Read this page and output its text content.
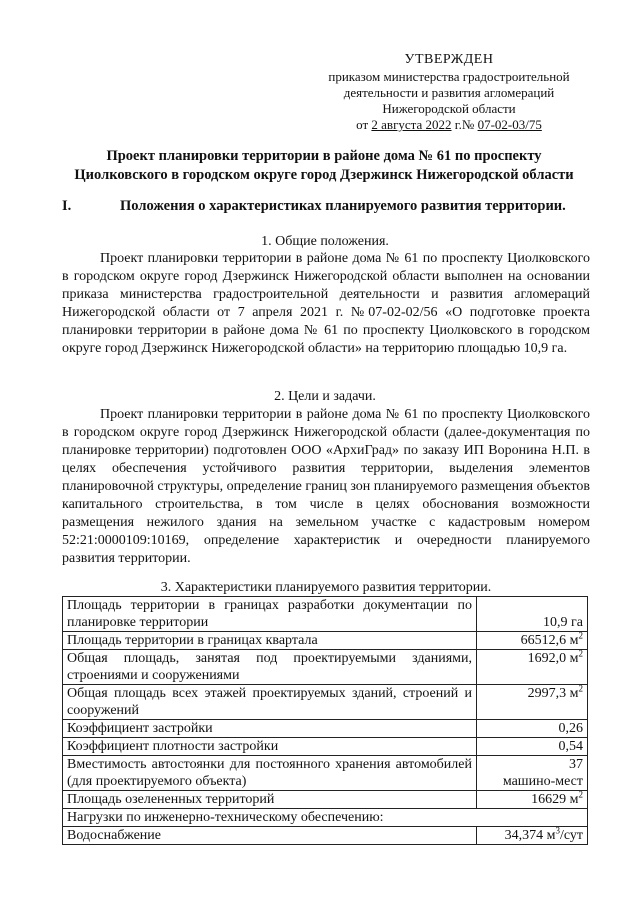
УТВЕРЖДЕН
приказом министерства градостроительной
деятельности и развития агломераций
Нижегородской области
от 2 августа 2022 г.№ 07-02-03/75
Проект планировки территории в районе дома № 61 по проспекту
Циолковского в городском округе город Дзержинск Нижегородской области
I.	Положения о характеристиках планируемого развития территории.
1. Общие положения.
Проект планировки территории в районе дома № 61 по проспекту Циолковского в городском округе город Дзержинск Нижегородской области выполнен на основании приказа министерства градостроительной деятельности и развития агломераций Нижегородской области от 7 апреля 2021 г. №07-02-02/56 «О подготовке проекта планировки территории в районе дома № 61 по проспекту Циолковского в городском округе город Дзержинск Нижегородской области» на территорию площадью 10,9 га.
2. Цели и задачи.
Проект планировки территории в районе дома № 61 по проспекту Циолковского в городском округе город Дзержинск Нижегородской области (далее-документация по планировке территории) подготовлен ООО «АрхиГрад» по заказу ИП Воронина Н.П. в целях обеспечения устойчивого развития территории, выделения элементов планировочной структуры, определение границ зон планируемого размещения объектов капитального строительства, в том числе в целях обоснования возможности размещения нежилого здания на земельном участке с кадастровым номером 52:21:0000109:10169, определение характеристик и очередности планируемого развития территории.
3. Характеристики планируемого развития территории.
Площадь территории в границах разработки документации по планировке территории	10,9 га
Площадь территории в границах квартала	66512,6 $м^2$
Общая площадь, занятая под проектируемыми зданиями, строениями и сооружениями	1692,0 $м^2$
Общая площадь всех этажей проектируемых зданий, строений и сооружений	2997,3 $м^2$
Коэффициент застройки	0,26
Коэффициент плотности застройки	0,54
Вместимость автостоянки для постоянного хранения автомобилей (для проектируемого объекта)	37
машино-мест

Площадь озелененных территорий	16629 $м^2$
Нагрузки по инженерно-техническому обеспечению:	
Водоснабжение	34,374 $м^3$/сут
